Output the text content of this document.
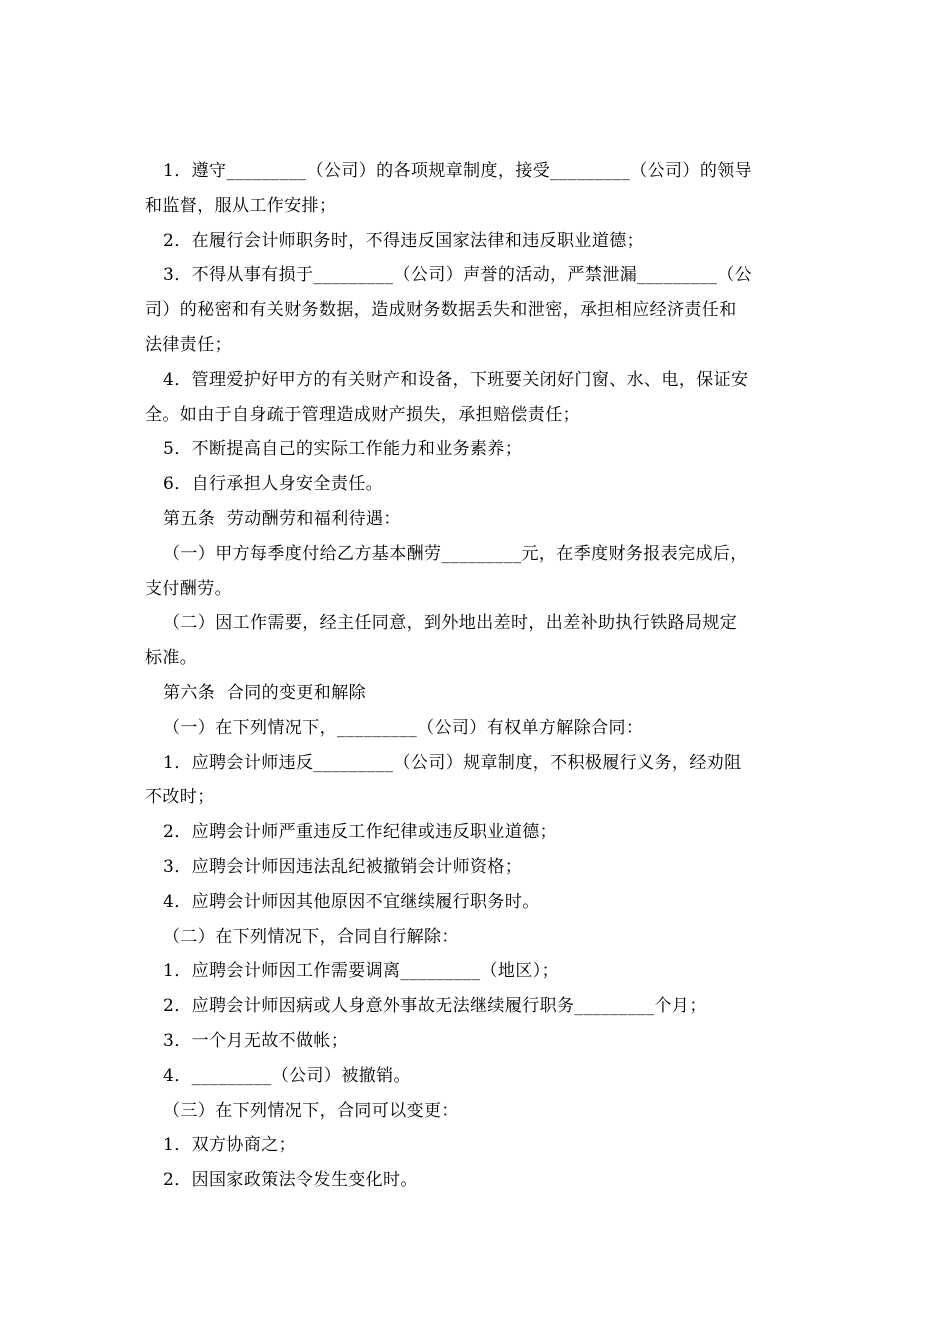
1．遵守_________（公司）的各项规章制度，接受_________（公司）的领导
和监督，服从工作安排；
2．在履行会计师职务时，不得违反国家法律和违反职业道德；
3．不得从事有损于_________（公司）声誉的活动，严禁泄漏_________（公
司）的秘密和有关财务数据，造成财务数据丢失和泄密，承担相应经济责任和
法律责任；
4．管理爱护好甲方的有关财产和设备，下班要关闭好门窗、水、电，保证安
全。如由于自身疏于管理造成财产损失，承担赔偿责任；
5．不断提高自己的实际工作能力和业务素养；
6．自行承担人身安全责任。
第五条  劳动酬劳和福利待遇：
（一）甲方每季度付给乙方基本酬劳_________元，在季度财务报表完成后，
支付酬劳。
（二）因工作需要，经主任同意，到外地出差时，出差补助执行铁路局规定
标准。
第六条  合同的变更和解除
（一）在下列情况下，_________（公司）有权单方解除合同：
1．应聘会计师违反_________（公司）规章制度，不积极履行义务，经劝阻
不改时；
2．应聘会计师严重违反工作纪律或违反职业道德；
3．应聘会计师因违法乱纪被撤销会计师资格；
4．应聘会计师因其他原因不宜继续履行职务时。
（二）在下列情况下，合同自行解除：
1．应聘会计师因工作需要调离_________（地区）；
2．应聘会计师因病或人身意外事故无法继续履行职务_________个月；
3．一个月无故不做帐；
4．_________（公司）被撤销。
（三）在下列情况下，合同可以变更：
1．双方协商之；
2．因国家政策法令发生变化时。
